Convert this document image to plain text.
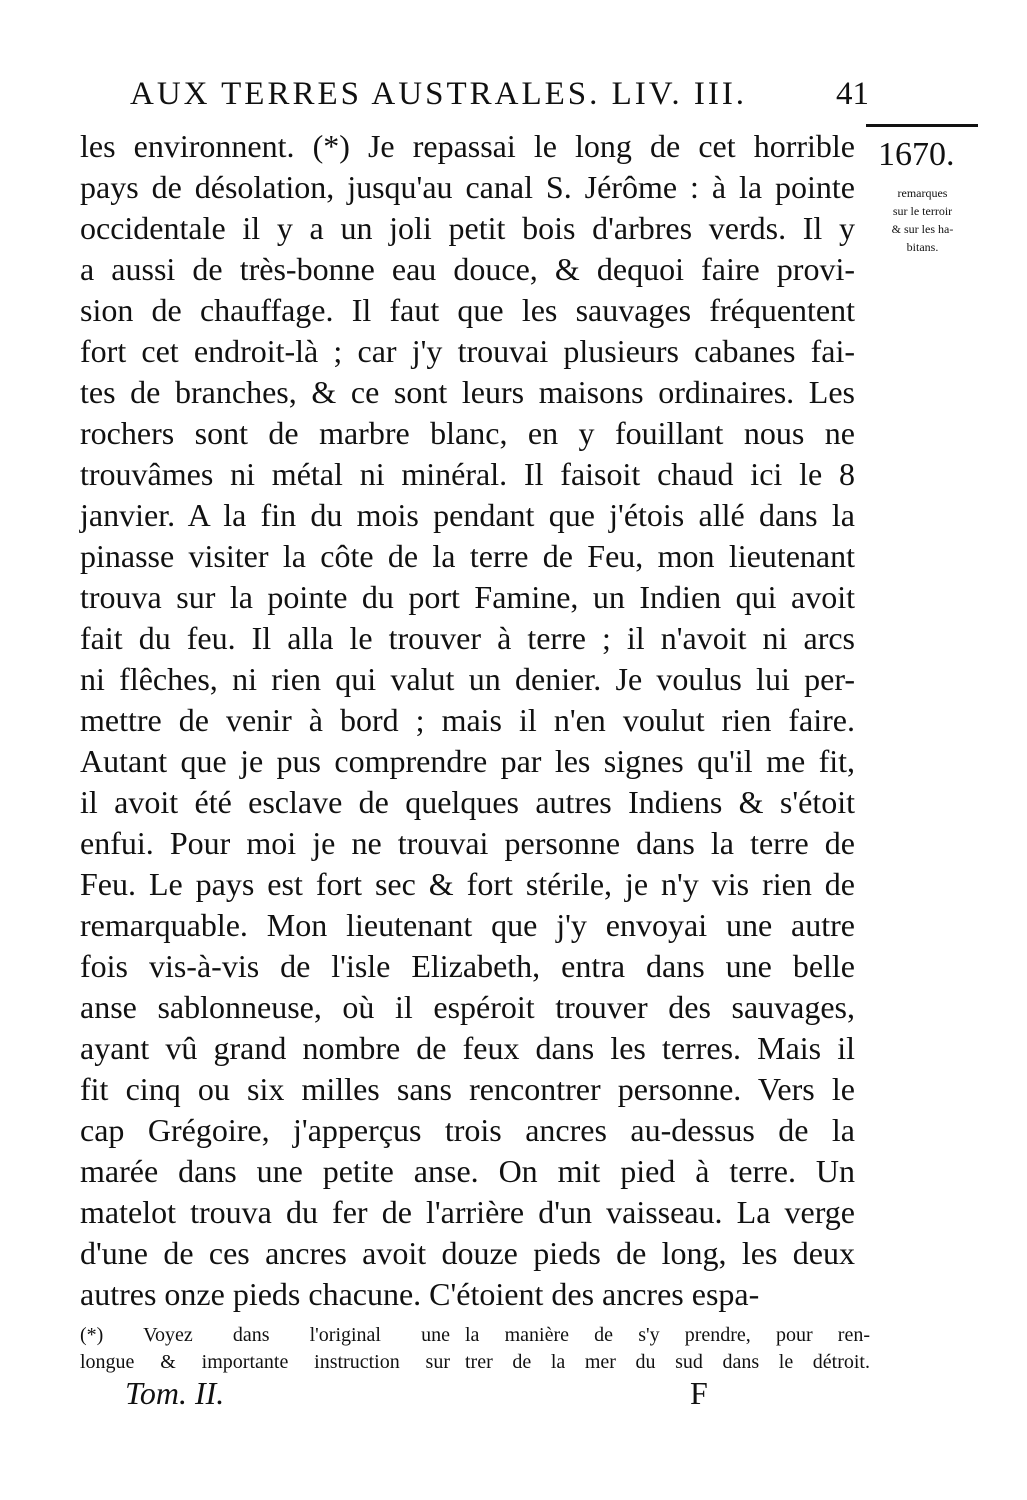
AUX TERRES AUSTRALES. LIV. III.	41
1670.
remarques
sur le terroir
& sur les ha-
bitans.
les environnent. (*) Je repassai le long de cet horrible
pays de désolation, jusqu'au canal S. Jérôme : à la pointe
occidentale il y a un joli petit bois d'arbres verds. Il y
a aussi de très-bonne eau douce, & dequoi faire provi-
sion de chauffage. Il faut que les sauvages fréquentent
fort cet endroit-là ; car j'y trouvai plusieurs cabanes fai-
tes de branches, & ce sont leurs maisons ordinaires. Les
rochers sont de marbre blanc, en y fouillant nous ne
trouvâmes ni métal ni minéral. Il faisoit chaud ici le 8
janvier. A la fin du mois pendant que j'étois allé dans la
pinasse visiter la côte de la terre de Feu, mon lieutenant
trouva sur la pointe du port Famine, un Indien qui avoit
fait du feu. Il alla le trouver à terre ; il n'avoit ni arcs
ni flêches, ni rien qui valut un denier. Je voulus lui per-
mettre de venir à bord ; mais il n'en voulut rien faire.
Autant que je pus comprendre par les signes qu'il me fit,
il avoit été esclave de quelques autres Indiens & s'étoit
enfui. Pour moi je ne trouvai personne dans la terre de
Feu. Le pays est fort sec & fort stérile, je n'y vis rien de
remarquable. Mon lieutenant que j'y envoyai une autre
fois vis-à-vis de l'isle Elizabeth, entra dans une belle
anse sablonneuse, où il espéroit trouver des sauvages,
ayant vû grand nombre de feux dans les terres. Mais il
fit cinq ou six milles sans rencontrer personne. Vers le
cap Grégoire, j'apperçus trois ancres au-dessus de la
marée dans une petite anse. On mit pied à terre. Un
matelot trouva du fer de l'arrière d'un vaisseau. La verge
d'une de ces ancres avoit douze pieds de long, les deux
autres onze pieds chacune. C'étoient des ancres espa-
(*) Voyez dans l'original une la manière de s'y prendre, pour ren-
longue & importante instruction sur trer de la mer du sud dans le détroit.
Tom. II.	F
